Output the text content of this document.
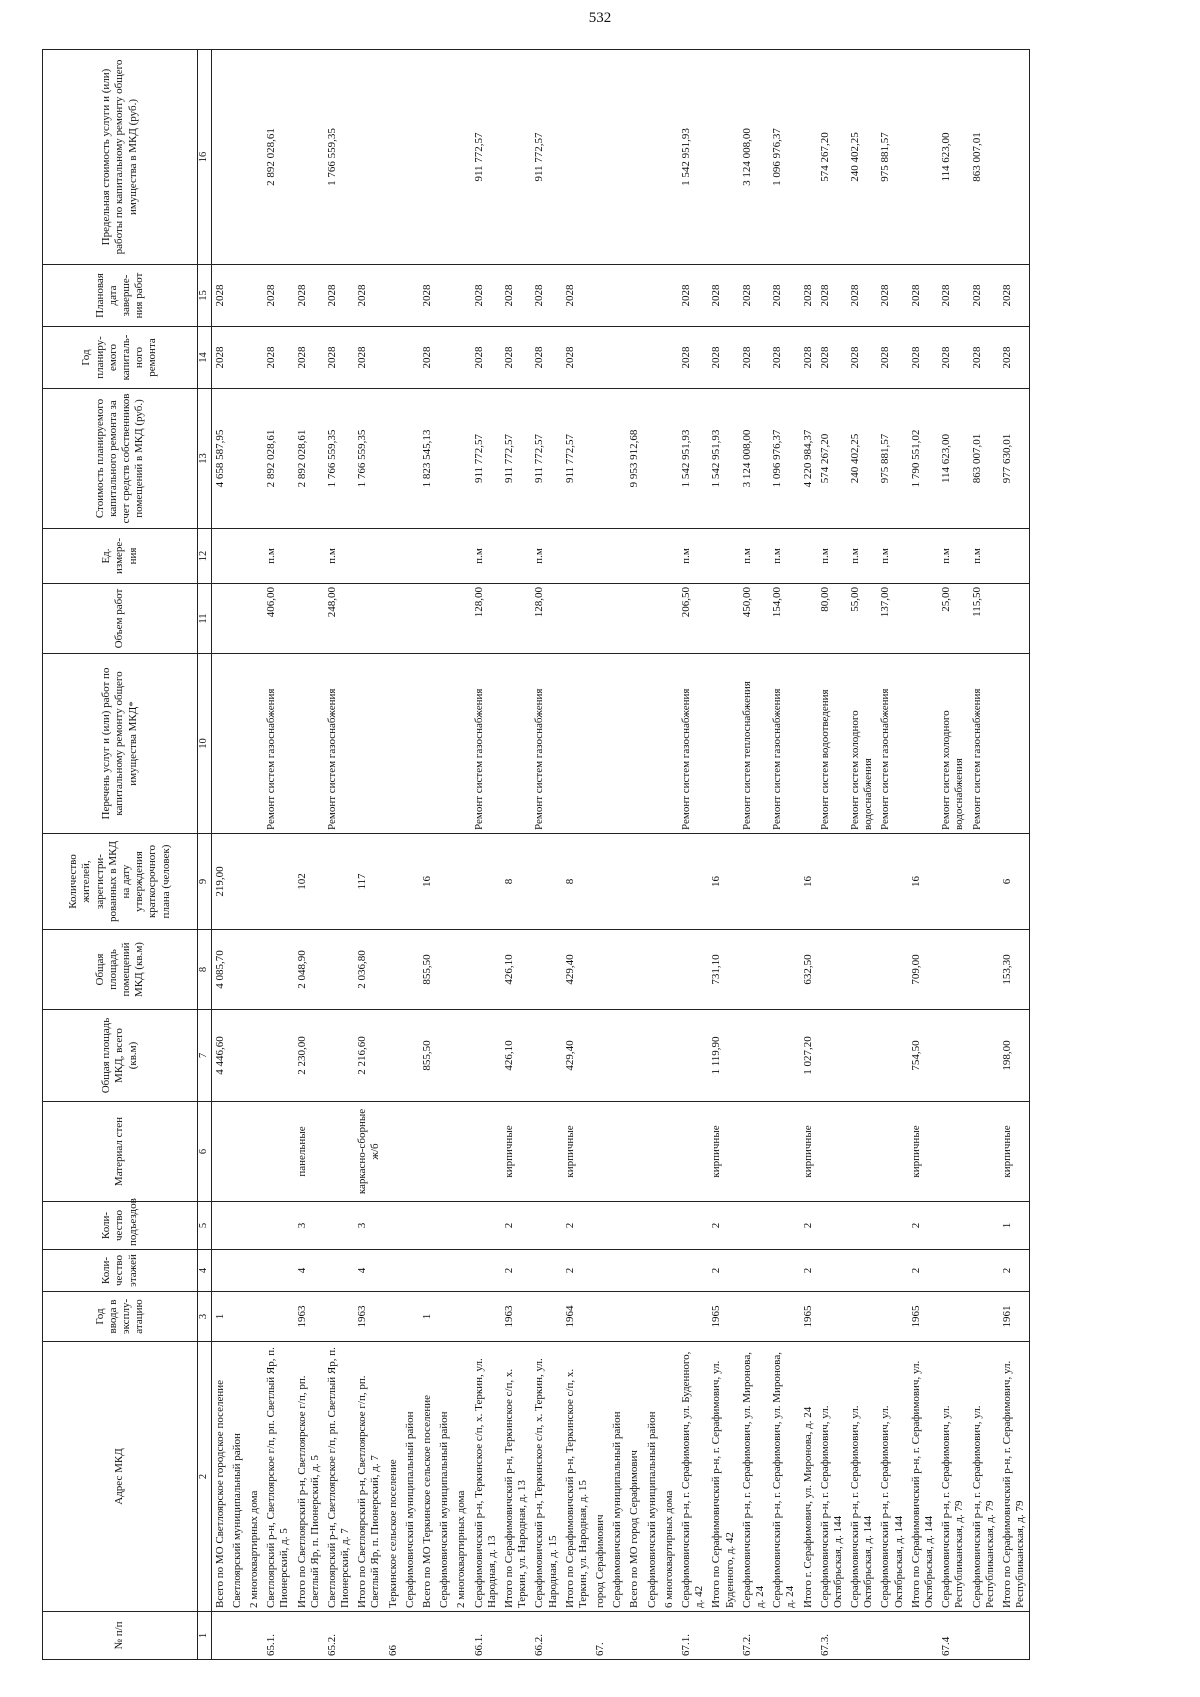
532
№ п/п	Адрес МКД	Год ввода в эксплу-атацию	Коли-чество этажей	Коли-чество подъездов	Материал стен	Общая площадь МКД, всего (кв.м)	Общая площадь помещений МКД (кв.м)	Количество жителей, зарегистри-рованных в МКД на дату утверждения краткосрочного плана (человек)	Перечень услуг и (или) работ по капитальному ремонту общего имущества МКД*	Объем работ	Ед. измере-ния	Стоимость планируемого капитального ремонта за счет средств собственников помещений в МКД (руб.)	Год планиру-емого капиталь-ного ремонта	Плановая дата заверше-ния работ	Предельная стоимость услуги и (или) работы по капитальному ремонту общего имущества в МКД (руб.)
1	2	3	4	5	6	7	8	9	10	11	12	13	14	15	16
	Всего по МО Светлоярское городское поселение	1				4 446,60	4 085,70	219,00				4 658 587,95	2028	2028	
	Светлоярский муниципальный район														
	2 многоквартирных дома														
65.1.	Светлоярский р-н, Светлоярское г/п, рп. Светлый Яр, п. Пионерский, д. 5								Ремонт систем газоснабжения	406,00	п.м	2 892 028,61	2028	2028	2 892 028,61
	Итого по Светлоярский р-н, Светлоярское г/п, рп. Светлый Яр, п. Пионерский, д. 5	1963	4	3	панельные	2 230,00	2 048,90	102				2 892 028,61	2028	2028	
65.2.	Светлоярский р-н, Светлоярское г/п, рп. Светлый Яр, п. Пионерский, д. 7								Ремонт систем газоснабжения	248,00	п.м	1 766 559,35	2028	2028	1 766 559,35
	Итого по Светлоярский р-н, Светлоярское г/п, рп. Светлый Яр, п. Пионерский, д. 7	1963	4	3	каркасно-сборные ж/б	2 216,60	2 036,80	117				1 766 559,35	2028	2028	
66	Теркинское сельское поселение														
	Серафимовичский муниципальный район														
	Всего по МО Теркинское сельское поселение	1				855,50	855,50	16				1 823 545,13	2028	2028	
	Серафимовичский муниципальный район														
	2 многоквартирных дома														
66.1.	Серафимовичский р-н, Теркинское с/п, х. Теркин, ул. Народная, д. 13								Ремонт систем газоснабжения	128,00	п.м	911 772,57	2028	2028	911 772,57
	Итого по Серафимовичский р-н, Теркинское с/п, х. Теркин, ул. Народная, д. 13	1963	2	2	кирпичные	426,10	426,10	8				911 772,57	2028	2028	
66.2.	Серафимовичский р-н, Теркинское с/п, х. Теркин, ул. Народная, д. 15								Ремонт систем газоснабжения	128,00	п.м	911 772,57	2028	2028	911 772,57
	Итого по Серафимовичский р-н, Теркинское с/п, х. Теркин, ул. Народная, д. 15	1964	2	2	кирпичные	429,40	429,40	8				911 772,57	2028	2028	
67.	город Серафимович														
	Серафимовичский муниципальный район														
	Всего по МО город Серафимович											9 953 912,68			
	Серафимовичский муниципальный район														
	6 многоквартирных дома														
67.1.	Серафимовичский р-н, г. Серафимович, ул. Буденного, д. 42								Ремонт систем газоснабжения	206,50	п.м	1 542 951,93	2028	2028	1 542 951,93
	Итого по Серафимовичский р-н, г. Серафимович, ул. Буденного, д. 42	1965	2	2	кирпичные	1 119,90	731,10	16				1 542 951,93	2028	2028	
67.2.	Серафимовичский р-н, г. Серафимович, ул. Миронова, д. 24								Ремонт систем теплоснабжения	450,00	п.м	3 124 008,00	2028	2028	3 124 008,00
	Серафимовичский р-н, г. Серафимович, ул. Миронова, д. 24								Ремонт систем газоснабжения	154,00	п.м	1 096 976,37	2028	2028	1 096 976,37
	Итого г. Серафимович, ул. Миронова, д. 24	1965	2	2	кирпичные	1 027,20	632,50	16				4 220 984,37	2028	2028	
67.3.	Серафимовичский р-н, г. Серафимович, ул. Октябрьская, д. 144								Ремонт систем водоотведения	80,00	п.м	574 267,20	2028	2028	574 267,20
	Серафимовичский р-н, г. Серафимович, ул. Октябрьская, д. 144								Ремонт систем холодного водоснабжения	55,00	п.м	240 402,25	2028	2028	240 402,25
	Серафимовичский р-н, г. Серафимович, ул. Октябрьская, д. 144								Ремонт систем газоснабжения	137,00	п.м	975 881,57	2028	2028	975 881,57
	Итого по Серафимовичский р-н, г. Серафимович, ул. Октябрьская, д. 144	1965	2	2	кирпичные	754,50	709,00	16				1 790 551,02	2028	2028	
67.4	Серафимовичский р-н, г. Серафимович, ул. Республиканская, д. 79								Ремонт систем холодного водоснабжения	25,00	п.м	114 623,00	2028	2028	114 623,00
	Серафимовичский р-н, г. Серафимович, ул. Республиканская, д. 79								Ремонт систем газоснабжения	115,50	п.м	863 007,01	2028	2028	863 007,01
	Итого по Серафимовичский р-н, г. Серафимович, ул. Республиканская, д. 79	1961	2	1	кирпичные	198,00	153,30	6				977 630,01	2028	2028	
